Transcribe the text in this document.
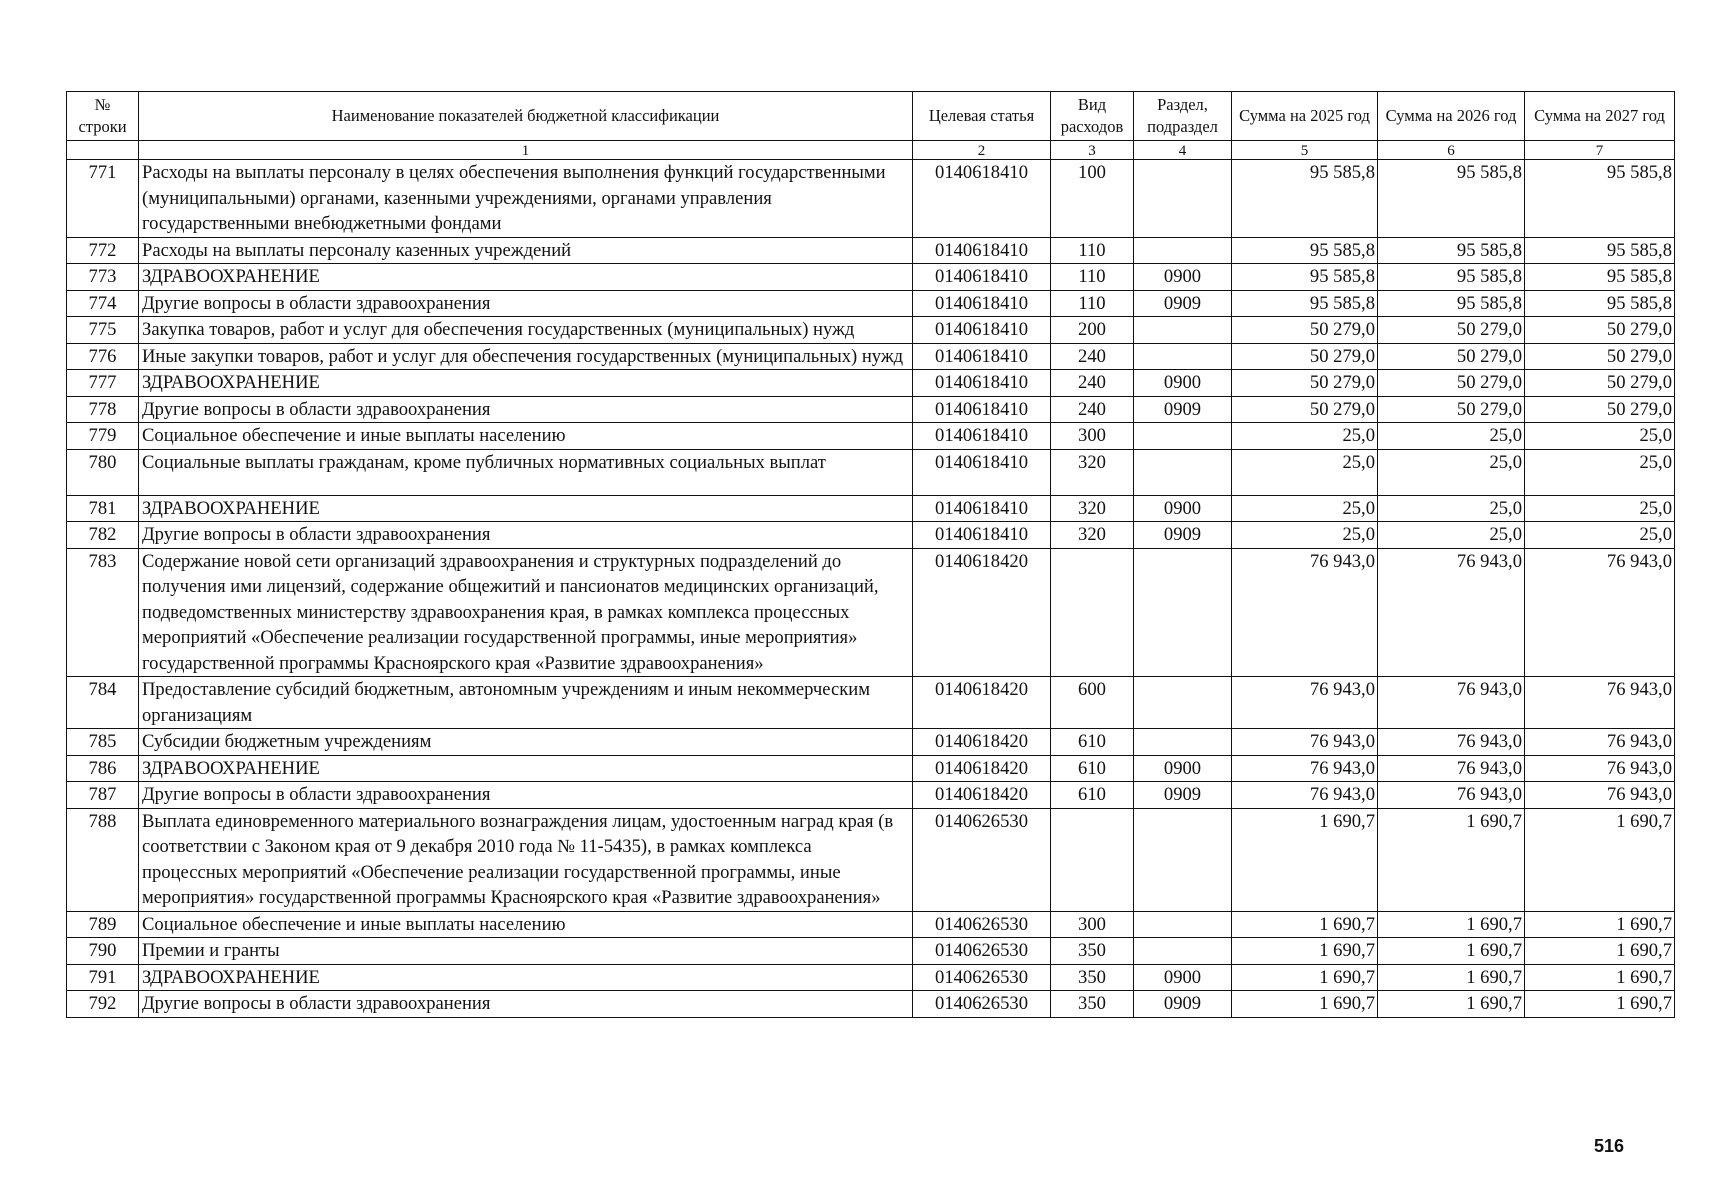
№ строки	Наименование показателей бюджетной классификации	Целевая статья	Вид расходов	Раздел, подраздел	Сумма на 2025 год	Сумма на 2026 год	Сумма на 2027 год
	1	2	3	4	5	6	7
771	Расходы на выплаты персоналу в целях обеспечения выполнения функций государственными (муниципальными) органами, казенными учреждениями, органами управления государственными внебюджетными фондами	0140618410	100		95 585,8	95 585,8	95 585,8
772	Расходы на выплаты персоналу казенных учреждений	0140618410	110		95 585,8	95 585,8	95 585,8
773	ЗДРАВООХРАНЕНИЕ	0140618410	110	0900	95 585,8	95 585,8	95 585,8
774	Другие вопросы в области здравоохранения	0140618410	110	0909	95 585,8	95 585,8	95 585,8
775	Закупка товаров, работ и услуг для обеспечения государственных (муниципальных) нужд	0140618410	200		50 279,0	50 279,0	50 279,0
776	Иные закупки товаров, работ и услуг для обеспечения государственных (муниципальных) нужд	0140618410	240		50 279,0	50 279,0	50 279,0
777	ЗДРАВООХРАНЕНИЕ	0140618410	240	0900	50 279,0	50 279,0	50 279,0
778	Другие вопросы в области здравоохранения	0140618410	240	0909	50 279,0	50 279,0	50 279,0
779	Социальное обеспечение и иные выплаты населению	0140618410	300		25,0	25,0	25,0
780	Социальные выплаты гражданам, кроме публичных нормативных социальных выплат	0140618410	320		25,0	25,0	25,0
781	ЗДРАВООХРАНЕНИЕ	0140618410	320	0900	25,0	25,0	25,0
782	Другие вопросы в области здравоохранения	0140618410	320	0909	25,0	25,0	25,0
783	Содержание новой сети организаций здравоохранения и структурных подразделений до получения ими лицензий, содержание общежитий и пансионатов медицинских организаций, подведомственных министерству здравоохранения края, в рамках комплекса процессных мероприятий «Обеспечение реализации государственной программы, иные мероприятия» государственной программы Красноярского края «Развитие здравоохранения»	0140618420			76 943,0	76 943,0	76 943,0
784	Предоставление субсидий бюджетным, автономным учреждениям и иным некоммерческим организациям	0140618420	600		76 943,0	76 943,0	76 943,0
785	Субсидии бюджетным учреждениям	0140618420	610		76 943,0	76 943,0	76 943,0
786	ЗДРАВООХРАНЕНИЕ	0140618420	610	0900	76 943,0	76 943,0	76 943,0
787	Другие вопросы в области здравоохранения	0140618420	610	0909	76 943,0	76 943,0	76 943,0
788	Выплата единовременного материального вознаграждения лицам, удостоенным наград края (в соответствии с Законом края от 9 декабря 2010 года № 11-5435), в рамках комплекса процессных мероприятий «Обеспечение реализации государственной программы, иные мероприятия» государственной программы Красноярского края «Развитие здравоохранения»	0140626530			1 690,7	1 690,7	1 690,7
789	Социальное обеспечение и иные выплаты населению	0140626530	300		1 690,7	1 690,7	1 690,7
790	Премии и гранты	0140626530	350		1 690,7	1 690,7	1 690,7
791	ЗДРАВООХРАНЕНИЕ	0140626530	350	0900	1 690,7	1 690,7	1 690,7
792	Другие вопросы в области здравоохранения	0140626530	350	0909	1 690,7	1 690,7	1 690,7
516
